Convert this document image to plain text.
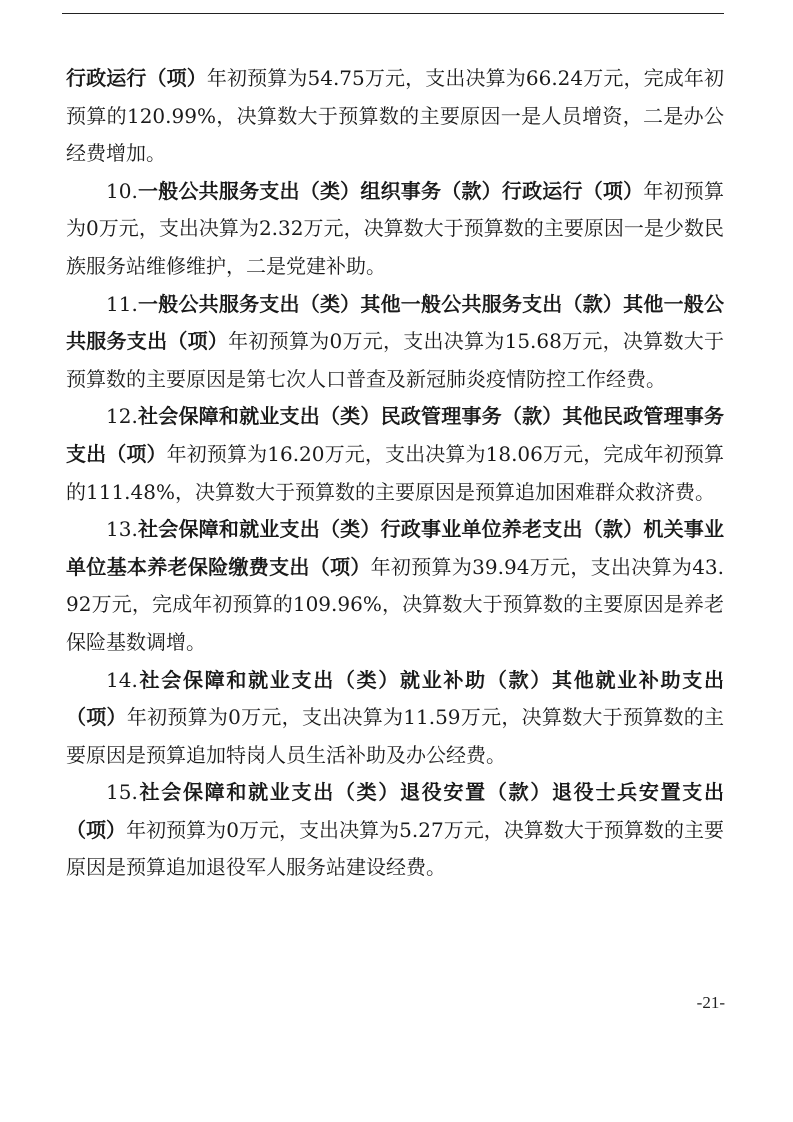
行政运行（项）年初预算为54.75万元，支出决算为66.24万元，完成年初预算的120.99%，决算数大于预算数的主要原因一是人员增资，二是办公经费增加。

10.一般公共服务支出（类）组织事务（款）行政运行（项）年初预算为0万元，支出决算为2.32万元，决算数大于预算数的主要原因一是少数民族服务站维修维护，二是党建补助。

11.一般公共服务支出（类）其他一般公共服务支出（款）其他一般公共服务支出（项）年初预算为0万元，支出决算为15.68万元，决算数大于预算数的主要原因是第七次人口普查及新冠肺炎疫情防控工作经费。

12.社会保障和就业支出（类）民政管理事务（款）其他民政管理事务支出（项）年初预算为16.20万元，支出决算为18.06万元，完成年初预算的111.48%，决算数大于预算数的主要原因是预算追加困难群众救济费。

13.社会保障和就业支出（类）行政事业单位养老支出（款）机关事业单位基本养老保险缴费支出（项）年初预算为39.94万元，支出决算为43.92万元，完成年初预算的109.96%，决算数大于预算数的主要原因是养老保险基数调增。

14.社会保障和就业支出（类）就业补助（款）其他就业补助支出（项）年初预算为0万元，支出决算为11.59万元，决算数大于预算数的主要原因是预算追加特岗人员生活补助及办公经费。

15.社会保障和就业支出（类）退役安置（款）退役士兵安置支出（项）年初预算为0万元，支出决算为5.27万元，决算数大于预算数的主要原因是预算追加退役军人服务站建设经费。

-21-
